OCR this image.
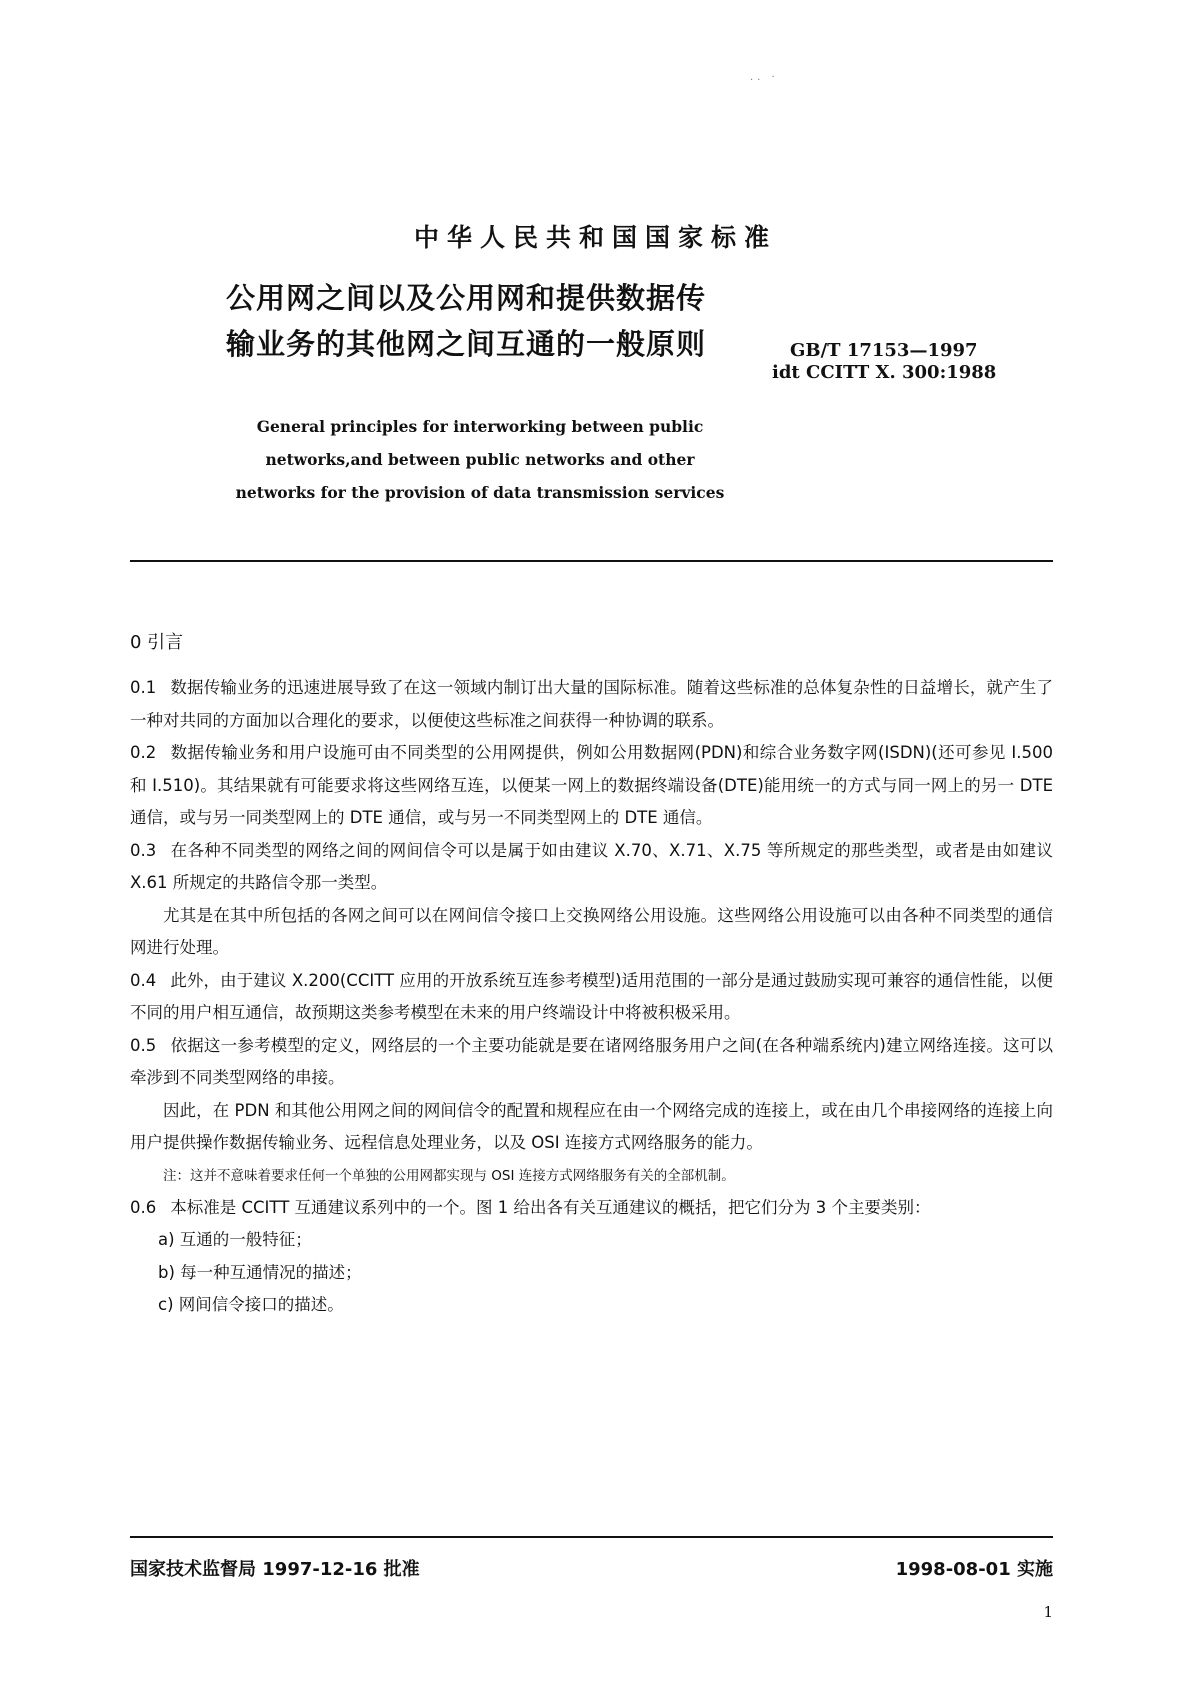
.. ·
中华人民共和国国家标准
公用网之间以及公用网和提供数据传
输业务的其他网之间互通的一般原则	GB/T 17153—1997
idt CCITT X. 300:1988
General principles for interworking between public
networks,and between public networks and other
networks for the provision of data transmission services
0 引言

0.1 数据传输业务的迅速进展导致了在这一领域内制订出大量的国际标准。随着这些标准的总体复杂性的日益增长，就产生了一种对共同的方面加以合理化的要求，以便使这些标准之间获得一种协调的联系。

0.2 数据传输业务和用户设施可由不同类型的公用网提供，例如公用数据网(PDN)和综合业务数字网(ISDN)(还可参见 I.500 和 I.510)。其结果就有可能要求将这些网络互连，以便某一网上的数据终端设备(DTE)能用统一的方式与同一网上的另一 DTE 通信，或与另一同类型网上的 DTE 通信，或与另一不同类型网上的 DTE 通信。

0.3 在各种不同类型的网络之间的网间信令可以是属于如由建议 X.70、X.71、X.75 等所规定的那些类型，或者是由如建议 X.61 所规定的共路信令那一类型。

尤其是在其中所包括的各网之间可以在网间信令接口上交换网络公用设施。这些网络公用设施可以由各种不同类型的通信网进行处理。

0.4 此外，由于建议 X.200(CCITT 应用的开放系统互连参考模型)适用范围的一部分是通过鼓励实现可兼容的通信性能，以便不同的用户相互通信，故预期这类参考模型在未来的用户终端设计中将被积极采用。

0.5 依据这一参考模型的定义，网络层的一个主要功能就是要在诸网络服务用户之间(在各种端系统内)建立网络连接。这可以牵涉到不同类型网络的串接。

因此，在 PDN 和其他公用网之间的网间信令的配置和规程应在由一个网络完成的连接上，或在由几个串接网络的连接上向用户提供操作数据传输业务、远程信息处理业务，以及 OSI 连接方式网络服务的能力。

注：这并不意味着要求任何一个单独的公用网都实现与 OSI 连接方式网络服务有关的全部机制。

0.6 本标准是 CCITT 互通建议系列中的一个。图 1 给出各有关互通建议的概括，把它们分为 3 个主要类别：

a) 互通的一般特征；

b) 每一种互通情况的描述；

c) 网间信令接口的描述。

国家技术监督局 1997-12-16 批准	1998-08-01 实施
1
